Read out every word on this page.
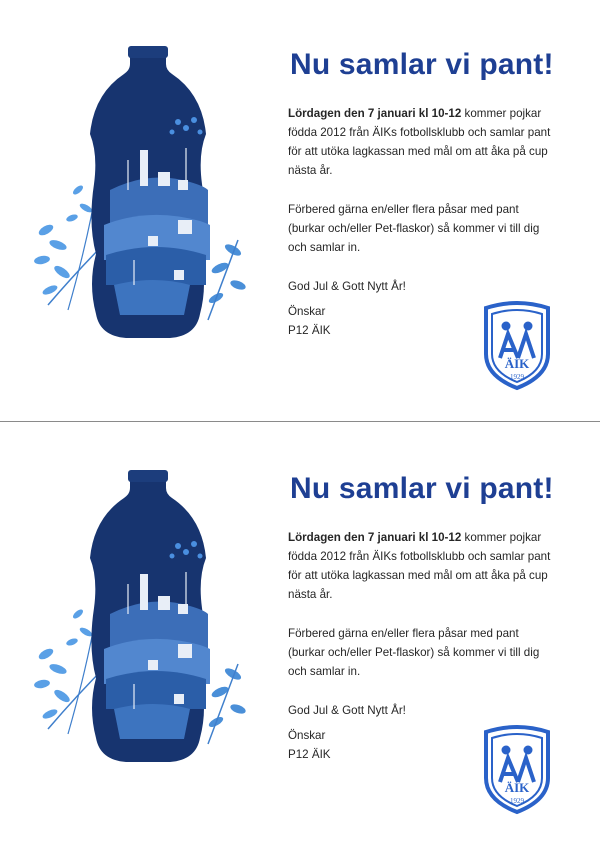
Nu samlar vi pant!

Lördagen den 7 januari kl 10-12 kommer pojkar födda 2012 från ÄIKs fotbollsklubb och samlar pant för att utöka lagkassan med mål om att åka på cup nästa år.

Förbered gärna en/eller flera påsar med pant (burkar och/eller Pet-flaskor) så kommer vi till dig och samlar in.

God Jul & Gott Nytt År!

Önskar

P12 ÄIK

ÄIK
1929
Nu samlar vi pant!

Lördagen den 7 januari kl 10-12 kommer pojkar födda 2012 från ÄIKs fotbollsklubb och samlar pant för att utöka lagkassan med mål om att åka på cup nästa år.

Förbered gärna en/eller flera påsar med pant (burkar och/eller Pet-flaskor) så kommer vi till dig och samlar in.

God Jul & Gott Nytt År!

Önskar

P12 ÄIK

ÄIK
1929
